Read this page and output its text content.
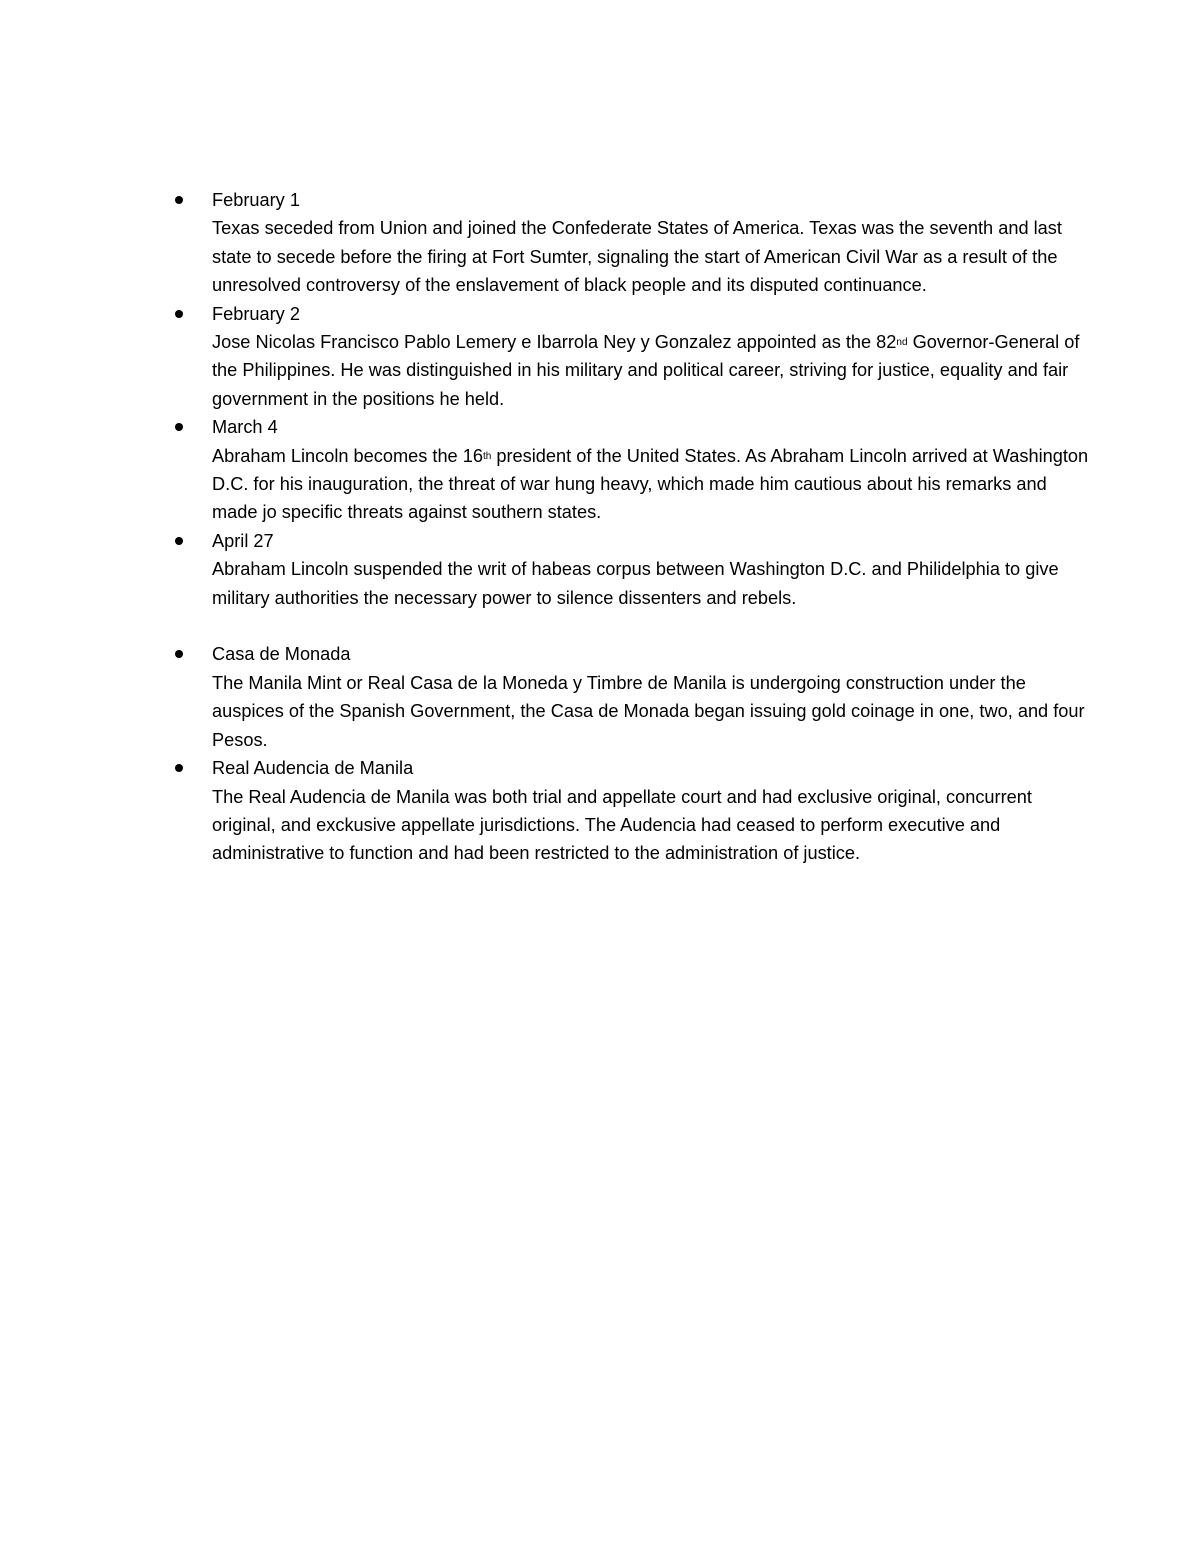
February 1
Texas seceded from Union and joined the Confederate States of America. Texas was the seventh and last state to secede before the firing at Fort Sumter, signaling the start of American Civil War as a result of the unresolved controversy of the enslavement of black people and its disputed continuance.
February 2
Jose Nicolas Francisco Pablo Lemery e Ibarrola Ney y Gonzalez appointed as the 82nd Governor-General of the Philippines. He was distinguished in his military and political career, striving for justice, equality and fair government in the positions he held.
March 4
Abraham Lincoln becomes the 16th president of the United States. As Abraham Lincoln arrived at Washington D.C. for his inauguration, the threat of war hung heavy, which made him cautious about his remarks and made jo specific threats against southern states.
April 27
Abraham Lincoln suspended the writ of habeas corpus between Washington D.C. and Philidelphia to give military authorities the necessary power to silence dissenters and rebels.
Casa de Monada
The Manila Mint or Real Casa de la Moneda y Timbre de Manila is undergoing construction under the auspices of the Spanish Government, the Casa de Monada began issuing gold coinage in one, two, and four Pesos.
Real Audencia de Manila
The Real Audencia de Manila was both trial and appellate court and had exclusive original, concurrent original, and exckusive appellate jurisdictions. The Audencia had ceased to perform executive and administrative to function and had been restricted to the administration of justice.
